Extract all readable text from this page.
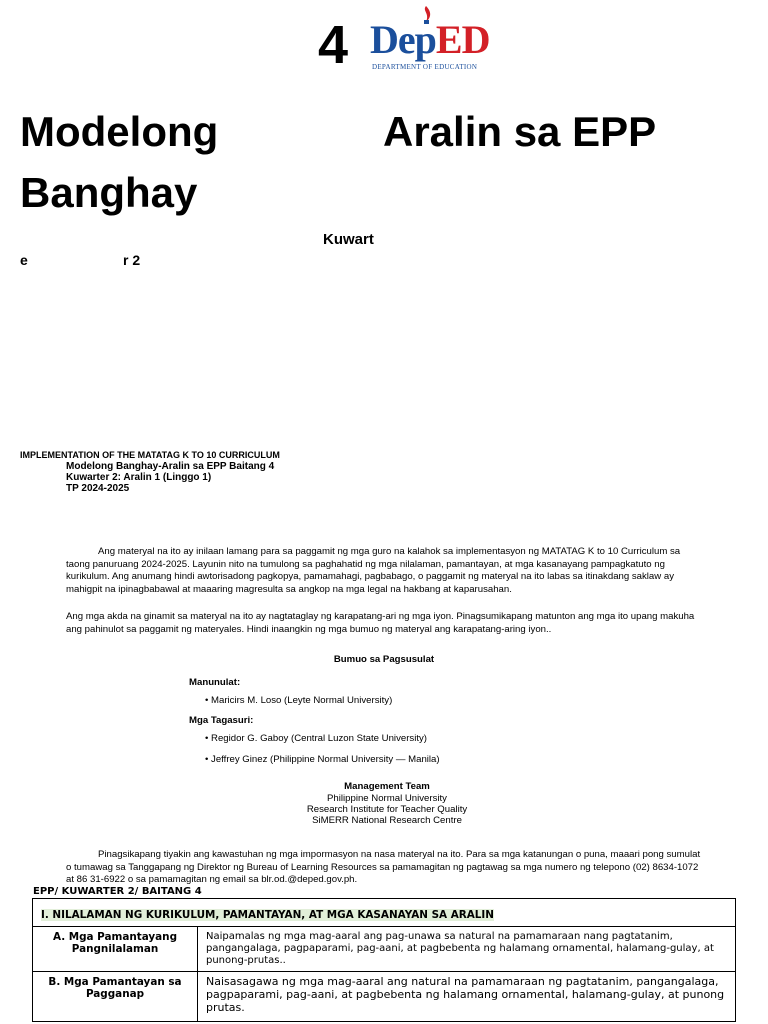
4 DepED
DEPARTMENT OF EDUCATION
Modelong	Aralin sa EPP
Banghay
Kuwart
e	r 2
IMPLEMENTATION OF THE MATATAG K TO 10 CURRICULUM
Modelong Banghay-Aralin sa EPP Baitang 4
Kuwarter 2: Aralin 1 (Linggo 1)
TP 2024-2025
Ang materyal na ito ay inilaan lamang para sa paggamit ng mga guro na kalahok sa implementasyon ng MATATAG K to 10 Curriculum sa taong panuruang 2024-2025. Layunin nito na tumulong sa paghahatid ng mga nilalaman, pamantayan, at mga kasanayang pampagkatuto ng kurikulum. Ang anumang hindi awtorisadong pagkopya, pamamahagi, pagbabago, o paggamit ng materyal na ito labas sa itinakdang saklaw ay mahigpit na ipinagbabawal at maaaring magresulta sa angkop na mga legal na hakbang at kaparusahan.
Ang mga akda na ginamit sa materyal na ito ay nagtataglay ng karapatang-ari ng mga iyon. Pinagsumikapang matunton ang mga ito upang makuha ang pahinulot sa paggamit ng materyales. Hindi inaangkin ng mga bumuo ng materyal ang karapatang-aring iyon..
Bumuo sa Pagsusulat
Manunulat:
• Maricirs M. Loso (Leyte Normal University)
Mga Tagasuri:
• Regidor G. Gaboy (Central Luzon State University)
• Jeffrey Ginez (Philippine Normal University — Manila)
Management Team
Philippine Normal University
Research Institute for Teacher Quality
SiMERR National Research Centre
Pinagsikapang tiyakin ang kawastuhan ng mga impormasyon na nasa materyal na ito. Para sa mga katanungan o puna, maaari pong sumulat o tumawag sa Tanggapang ng Direktor ng Bureau of Learning Resources sa pamamagitan ng pagtawag sa mga numero ng telepono (02) 8634-1072 at 86 31-6922 o sa pamamagitan ng email sa blr.od.@deped.gov.ph.
EPP/ KUWARTER 2/ BAITANG 4
I. NILALAMAN NG KURIKULUM, PAMANTAYAN, AT MGA KASANAYAN SA ARALIN	
A. Mga Pamantayang Pangnilalaman	Naipamalas ng mga mag-aaral ang pag-unawa sa natural na pamamaraan nang pagtatanim, pangangalaga, pagpaparami, pag-aani, at pagbebenta ng halamang ornamental, halamang-gulay, at punong-prutas..
B. Mga Pamantayan sa Pagganap	Naisasagawa ng mga mag-aaral ang natural na pamamaraan ng pagtatanim, pangangalaga, pagpaparami, pag-aani, at pagbebenta ng halamang ornamental, halamang-gulay, at punong prutas.
